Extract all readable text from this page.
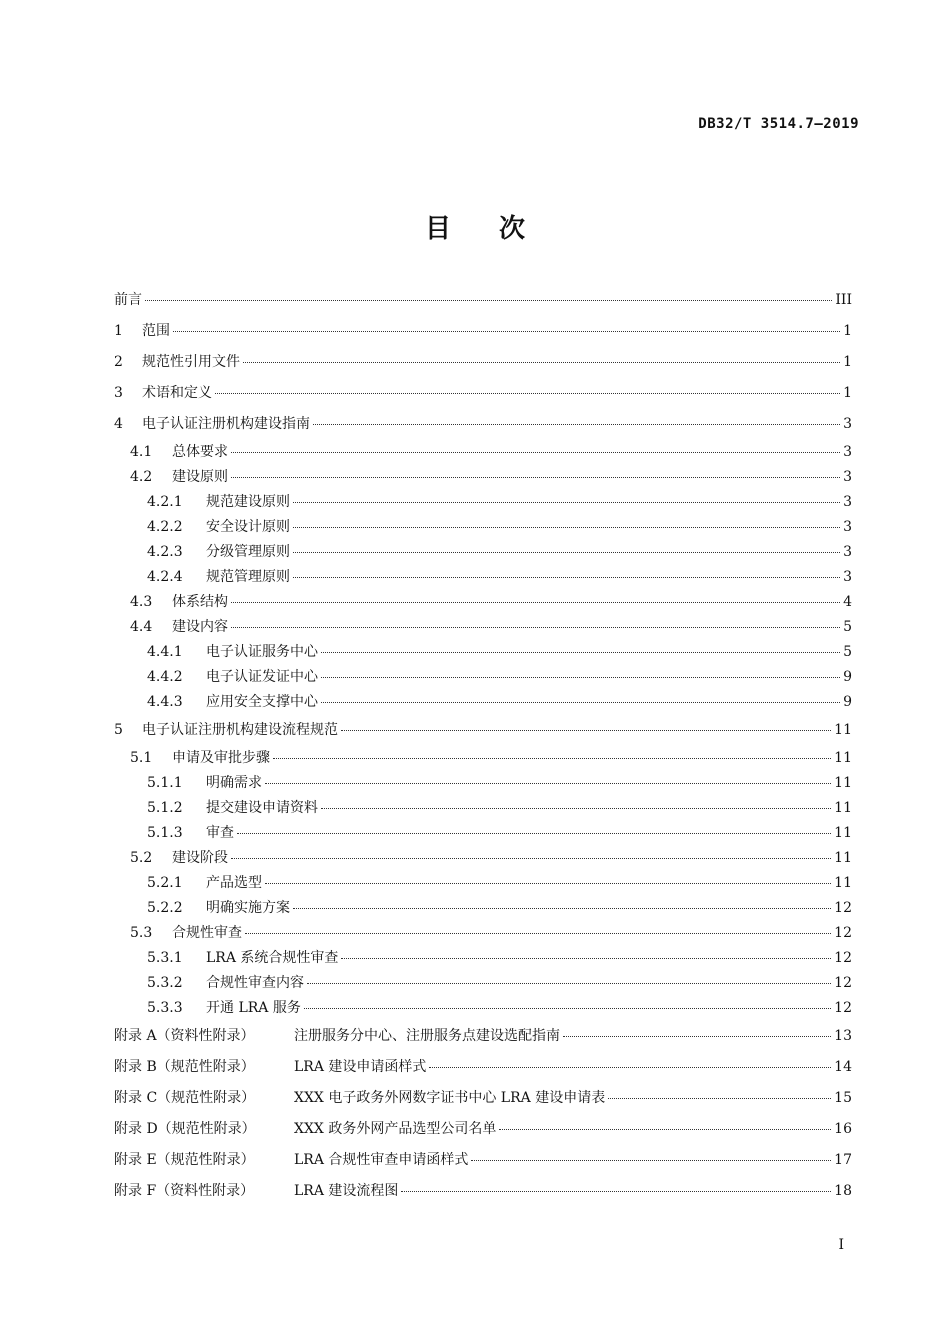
DB32/T 3514.7—2019
目 次
前言	III
1	范围	1
2	规范性引用文件	1
3	术语和定义	1
4	电子认证注册机构建设指南	3
4.1	总体要求	3
4.2	建设原则	3
4.2.1	规范建设原则	3
4.2.2	安全设计原则	3
4.2.3	分级管理原则	3
4.2.4	规范管理原则	3
4.3	体系结构	4
4.4	建设内容	5
4.4.1	电子认证服务中心	5
4.4.2	电子认证发证中心	9
4.4.3	应用安全支撑中心	9
5	电子认证注册机构建设流程规范	11
5.1	申请及审批步骤	11
5.1.1	明确需求	11
5.1.2	提交建设申请资料	11
5.1.3	审查	11
5.2	建设阶段	11
5.2.1	产品选型	11
5.2.2	明确实施方案	12
5.3	合规性审查	12
5.3.1	LRA 系统合规性审查	12
5.3.2	合规性审查内容	12
5.3.3	开通 LRA 服务	12
附录 A（资料性附录）	注册服务分中心、注册服务点建设选配指南	13
附录 B（规范性附录）	LRA 建设申请函样式	14
附录 C（规范性附录）	XXX 电子政务外网数字证书中心 LRA 建设申请表	15
附录 D（规范性附录）	XXX 政务外网产品选型公司名单	16
附录 E（规范性附录）	LRA 合规性审查申请函样式	17
附录 F（资料性附录）	LRA 建设流程图	18
I
